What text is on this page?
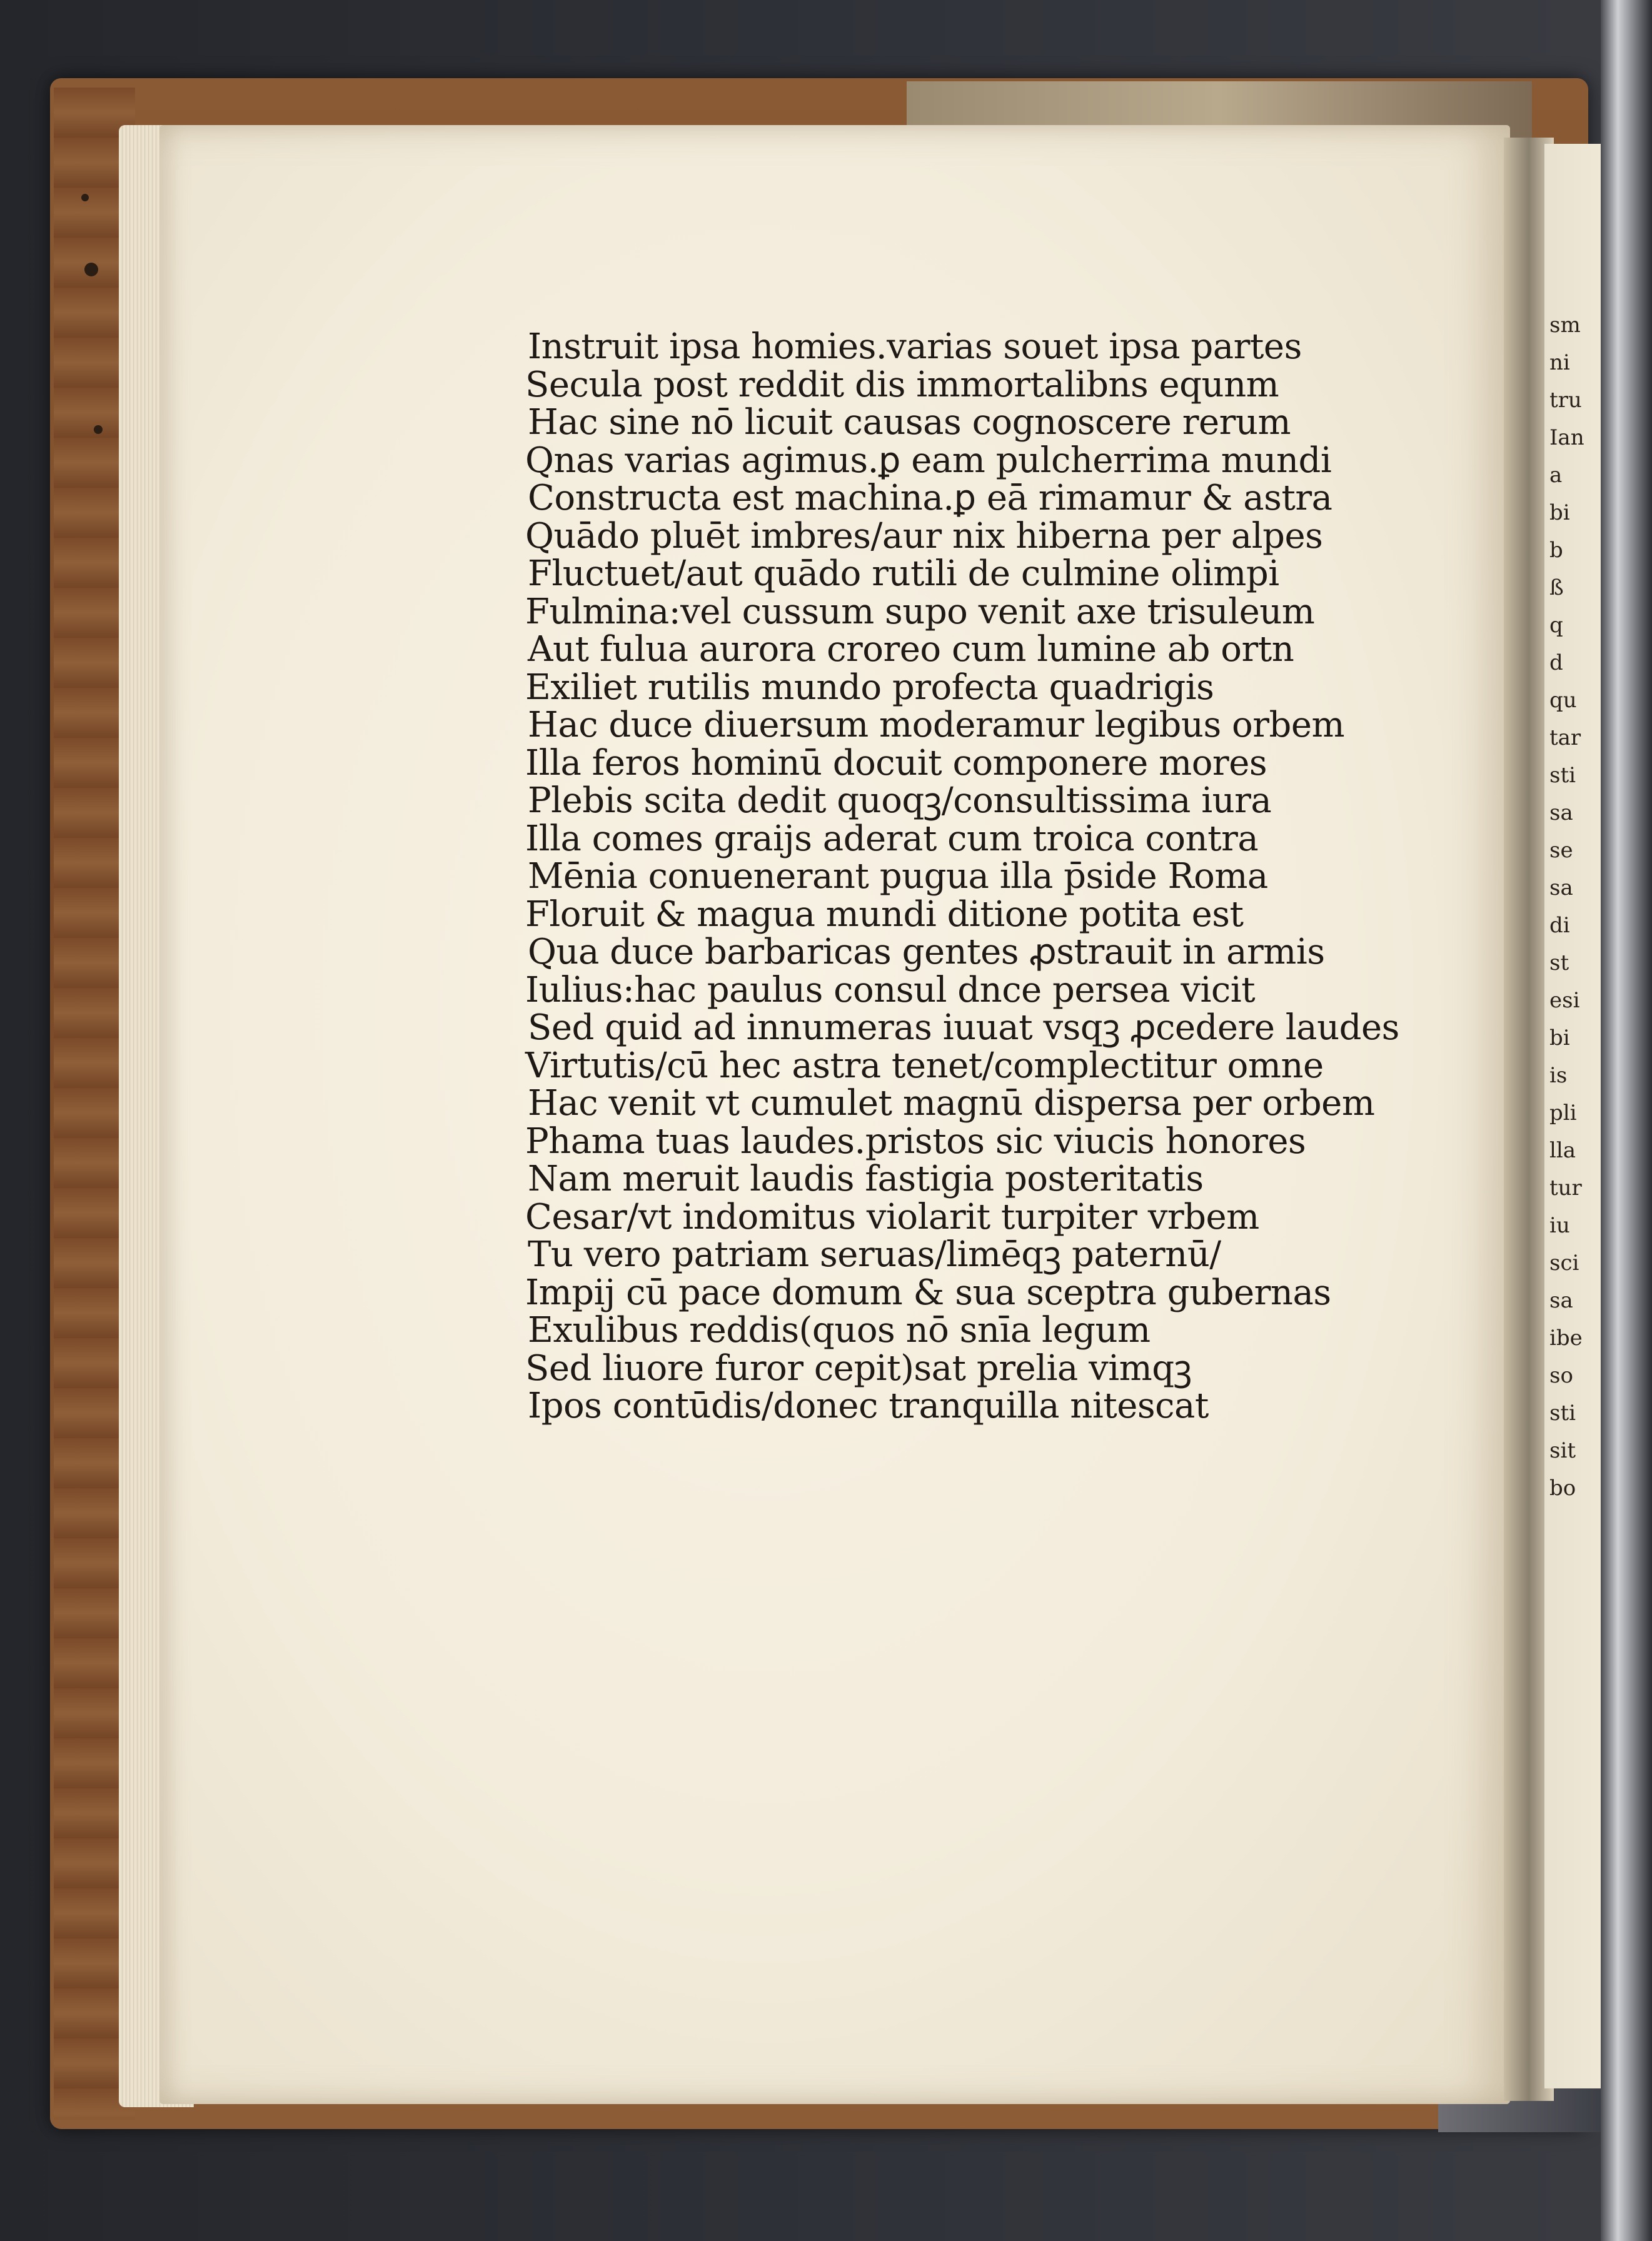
sm
ni
tru
Ian
a
bi
b
ß
q
d
qu
tar
sti
sa
se
sa
di
st
esi
bi
is
pli
lla
tur
iu
sci
sa
ibe
so
sti
sit
bo
Instruit ipsa homies.varias souet ipsa partes
Secula post reddit dis immortalibns equnm
Hac sine nō licuit causas cognoscere rerum
Qnas varias agimus.ꝑ eam pulcherrima mundi
Constructa est machina.ꝑ eā rimamur & astra
Quādo pluēt imbres/aur nix hiberna per alpes
Fluctuet/aut quādo rutili de culmine olimpi
Fulmina:vel cussum supo venit axe trisuleum
Aut fulua aurora croreo cum lumine ab ortn
Exiliet rutilis mundo profecta quadrigis
Hac duce diuersum moderamur legibus orbem
Illa feros hominū docuit componere mores
Plebis scita dedit quoqꝫ/consultissima iura
Illa comes graijs aderat cum troica contra
Mēnia conuenerant pugua illa p̄side Roma
Floruit & magua mundi ditione potita est
Qua duce barbaricas gentes ꝓstrauit in armis
Iulius:hac paulus consul dnce persea vicit
Sed quid ad innumeras iuuat vsqꝫ ꝓcedere laudes
Virtutis/cū hec astra tenet/complectitur omne
Hac venit vt cumulet magnū dispersa per orbem
Phama tuas laudes.pristos sic viucis honores
Nam meruit laudis fastigia posteritatis
Cesar/vt indomitus violarit turpiter vrbem
Tu vero patriam seruas/limēqꝫ paternū/
Impij cū pace domum & sua sceptra gubernas
Exulibus reddis(quos nō snīa legum
Sed liuore furor cepit)sat prelia vimqꝫ
Ipos contūdis/donec tranquilla nitescat
